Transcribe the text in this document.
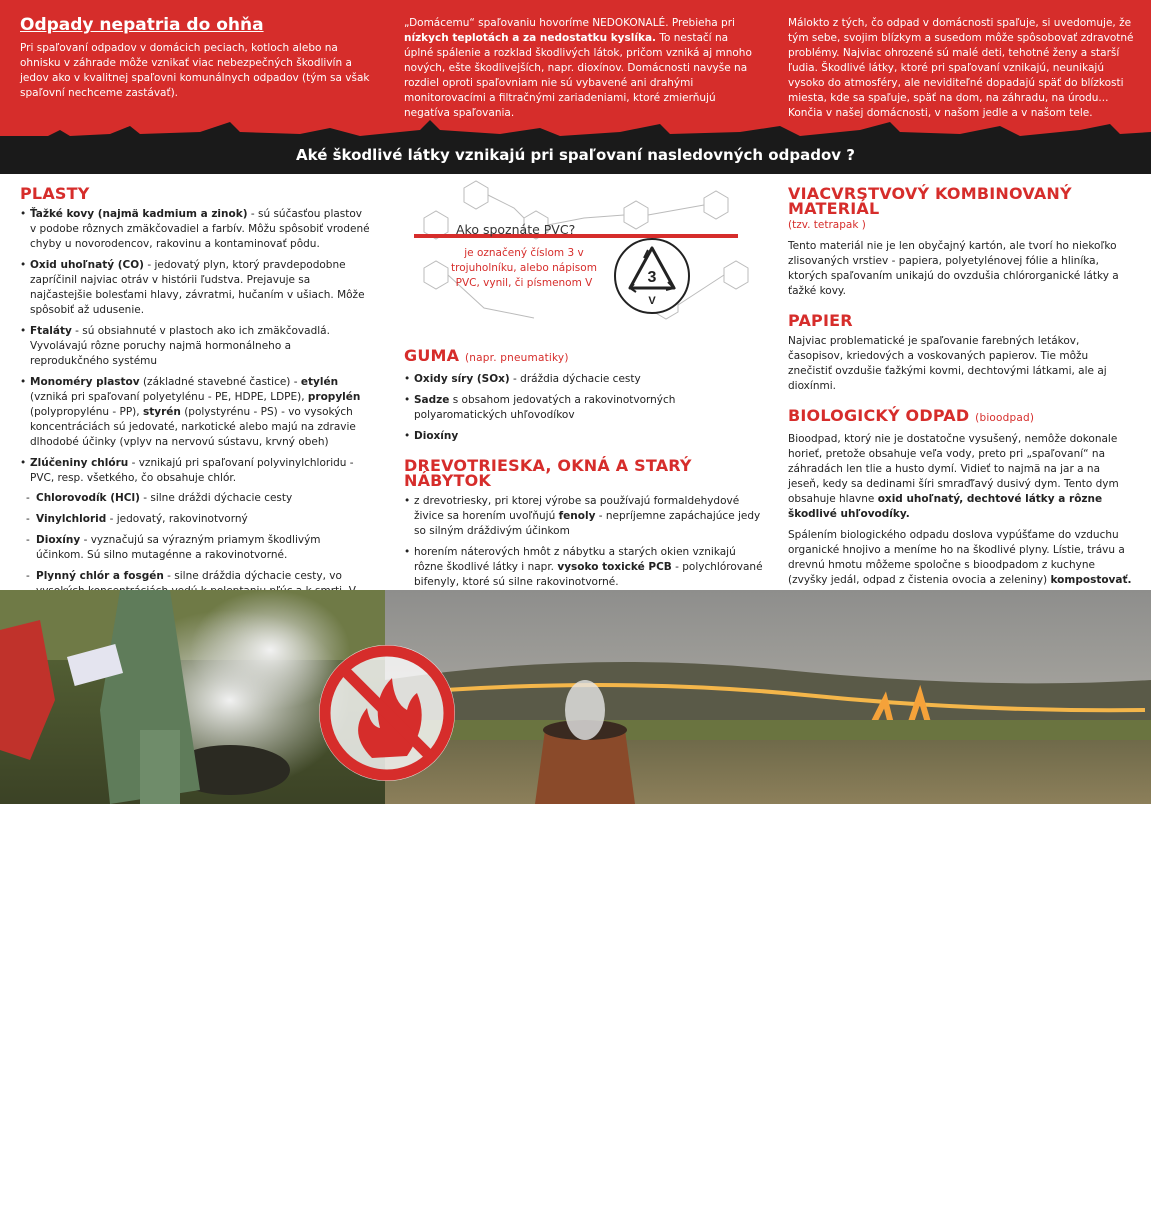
Odpady nepatria do ohňa
Pri spaľovaní odpadov v domácich peciach, kotloch alebo na ohnisku v záhrade môže vznikať viac nebezpečných škodlivín a jedov ako v kvalitnej spaľovni komunálnych odpadov (tým sa však spaľovní nechceme zastávať).
„Domácemu“ spaľovaniu hovoríme NEDOKONALÉ. Prebieha pri nízkych teplotách a za nedostatku kyslíka. To nestačí na úplné spálenie a rozklad škodlivých látok, pričom vzniká aj mnoho nových, ešte škodlivejších, napr. dioxínov. Domácnosti navyše na rozdiel oproti spaľovniam nie sú vybavené ani drahými monitorovacími a filtračnými zariadeniami, ktoré zmierňujú negatíva spaľovania.
Málokto z tých, čo odpad v domácnosti spaľuje, si uvedomuje, že tým sebe, svojim blízkym a susedom môže spôsobovať zdravotné problémy. Najviac ohrozené sú malé deti, tehotné ženy a starší ľudia. Škodlivé látky, ktoré pri spaľovaní vznikajú, neunikajú vysoko do atmosféry, ale neviditeľné dopadajú späť do blízkosti miesta, kde sa spaľuje, späť na dom, na záhradu, na úrodu... Končia v našej domácnosti, v našom jedle a v našom tele.
Aké škodlivé látky vznikajú pri spaľovaní nasledovných odpadov ?
PLASTY
• Ťažké kovy (najmä kadmium a zinok) - sú súčasťou plastov v podobe rôznych zmäkčovadiel a farbív. Môžu spôsobiť vrodené chyby u novorodencov, rakovinu a kontaminovať pôdu.
• Oxid uhoľnatý (CO) - jedovatý plyn, ktorý pravdepodobne zapríčinil najviac otráv v histórii ľudstva. Prejavuje sa najčastejšie bolesťami hlavy, závratmi, hučaním v ušiach. Môže spôsobiť až udusenie.
• Ftaláty - sú obsiahnuté v plastoch ako ich zmäkčovadlá. Vyvolávajú rôzne poruchy najmä hormonálneho a reprodukčného systému
• Monoméry plastov (základné stavebné častice) - etylén (vzniká pri spaľovaní polyetylénu - PE, HDPE, LDPE), propylén (polypropylénu - PP), styrén (polystyrénu - PS) - vo vysokých koncentráciách sú jedovaté, narkotické alebo majú na zdravie dlhodobé účinky (vplyv na nervovú sústavu, krvný obeh)
• Zlúčeniny chlóru - vznikajú pri spaľovaní polyvinylchloridu - PVC, resp. všetkého, čo obsahuje chlór.
- Chlorovodík (HCl) - silne dráždi dýchacie cesty
- Vinylchlorid - jedovatý, rakovinotvorný
- Dioxíny - vyznačujú sa výrazným priamym škodlivým účinkom. Sú silno mutagénne a rakovinotvorné.
- Plynný chlór a fosgén - silne dráždia dýchacie cesty, vo
Ako spoznáte PVC?
je označený číslom 3 v trojuholníku, alebo nápisom PVC, vynil, či písmenom V	3
V
GUMA (napr. pneumatiky)
• Oxidy síry (SOx) - dráždia dýchacie cesty
• Sadze s obsahom jedovatých a rakovinotvorných polyaromatických uhľovodíkov
• Dioxíny
DREVOTRIESKA, OKNÁ A STARÝ NÁBYTOK
• z drevotriesky, pri ktorej výrobe sa používajú formaldehydové živice sa horením uvoľňujú fenoly - nepríjemne zapáchajúce jedy so silným dráždivým účinkom
• horením náterových hmôt z nábytku a starých okien vznikajú rôzne škodlivé látky i napr. vysoko toxické PCB - polychlórované bifenyly, ktoré sú silne rakovinotvorné.
VIACVRSTVOVÝ KOMBINOVANÝ MATERIÁL
(tzv. tetrapak )

Tento materiál nie je len obyčajný kartón, ale tvorí ho niekoľko zlisovaných vrstiev - papiera, polyetylénovej fólie a hliníka, ktorých spaľovaním unikajú do ovzdušia chlórorganické látky a ťažké kovy.

PAPIER

Najviac problematické je spaľovanie farebných letákov, časopisov, kriedových a voskovaných papierov. Tie môžu znečistiť ovzdušie ťažkými kovmi, dechtovými látkami, ale aj dioxínmi.

BIOLOGICKÝ ODPAD (bioodpad)

Bioodpad, ktorý nie je dostatočne vysušený, nemôže dokonale horieť, pretože obsahuje veľa vody, preto pri „spaľovaní“ na záhradách len tlie a husto dymí. Vidieť to najmä na jar a na jeseň, kedy sa dedinami šíri smraďľavý dusivý dym. Tento dym obsahuje hlavne oxid uhoľnatý, dechtové látky a rôzne škodlivé uhľovodíky.

Spálením biologického odpadu doslova vypúšťame do vzduchu organické hnojivo a meníme ho na škodlivé plyny. Lístie, trávu a drevnú hmotu môžeme spoločne s bioodpadom z kuchyne (zvyšky jedál, odpad z čistenia ovocia a zeleniny) kompostovať.
